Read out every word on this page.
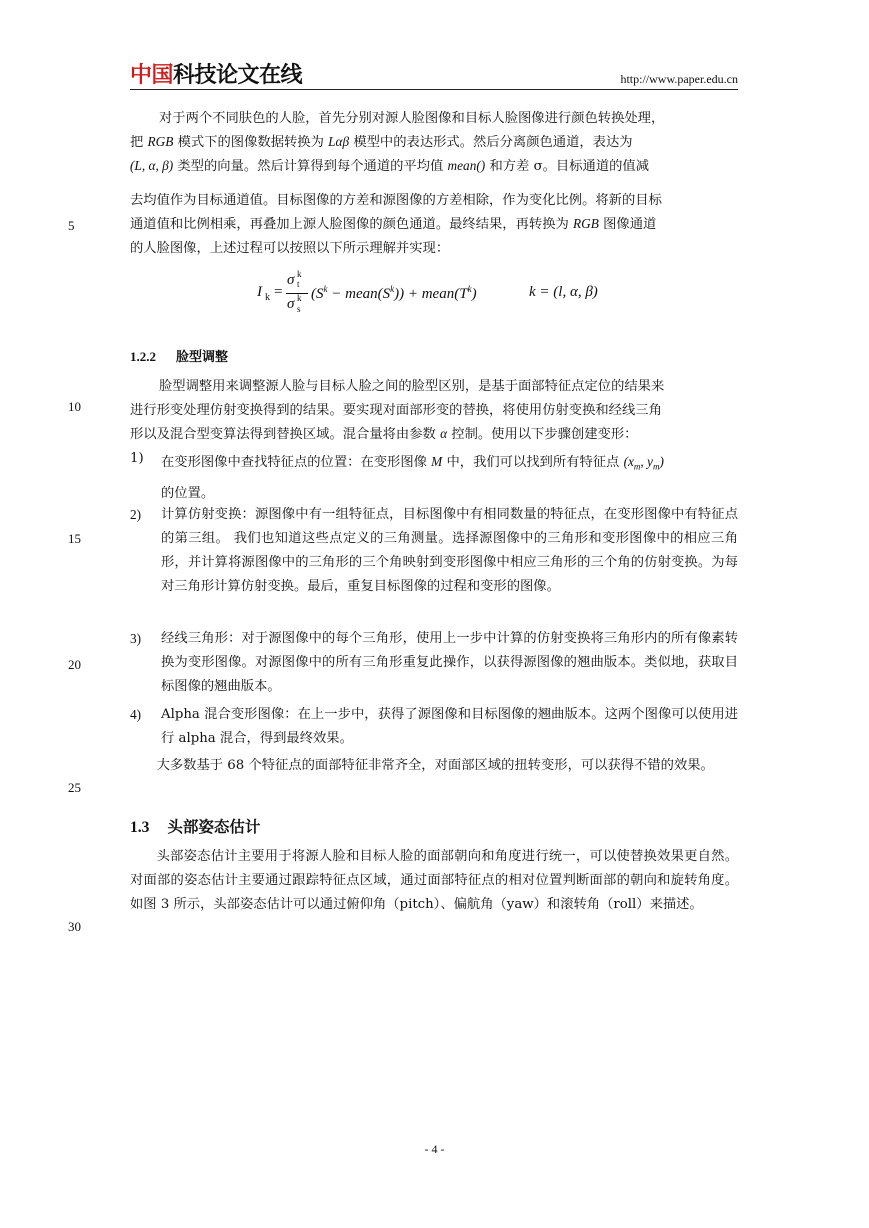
中国科技论文在线	http://www.paper.edu.cn
对于两个不同肤色的人脸，首先分别对源人脸图像和目标人脸图像进行颜色转换处理，
把 RGB 模式下的图像数据转换为 Lαβ 模型中的表达形式。然后分离颜色通道，表达为
(L, α, β) 类型的向量。然后计算得到每个通道的平均值 mean() 和方差 σ。目标通道的值减
去均值作为目标通道值。目标图像的方差和源图像的方差相除，作为变化比例。将新的目标
通道值和比例相乘，再叠加上源人脸图像的颜色通道。最终结果，再转换为 RGB 图像通道
的人脸图像，上述过程可以按照以下所示理解并实现：
I k =
σ k
t
σ k
s
($S^k$ − $mean(S^k)$) + $mean(T^k)$	k = (l, α, β)
1.2.2 脸型调整
脸型调整用来调整源人脸与目标人脸之间的脸型区别，是基于面部特征点定位的结果来
进行形变处理仿射变换得到的结果。要实现对面部形变的替换，将使用仿射变换和经线三角
形以及混合型变算法得到替换区域。混合量将由参数 α 控制。使用以下步骤创建变形：
1) 在变形图像中查找特征点的位置：在变形图像 M 中，我们可以找到所有特征点 ($x_m$, $y_m$)
的位置。
2) 计算仿射变换：源图像中有一组特征点，目标图像中有相同数量的特征点，在变形图像中有特征点的第三组。 我们也知道这些点定义的三角测量。选择源图像中的三角形和变形图像中的相应三角形，并计算将源图像中的三角形的三个角映射到变形图像中相应三角形的三个角的仿射变换。为每对三角形计算仿射变换。最后，重复目标图像的过程和变形的图像。
3) 经线三角形：对于源图像中的每个三角形，使用上一步中计算的仿射变换将三角形内的所有像素转换为变形图像。对源图像中的所有三角形重复此操作，以获得源图像的翘曲版本。类似地，获取目标图像的翘曲版本。
4) Alpha 混合变形图像：在上一步中，获得了源图像和目标图像的翘曲版本。这两个图像可以使用进行 alpha 混合，得到最终效果。
大多数基于 68 个特征点的面部特征非常齐全，对面部区域的扭转变形，可以获得不错的效果。
1.3 头部姿态估计
头部姿态估计主要用于将源人脸和目标人脸的面部朝向和角度进行统一，可以使替换效果更自然。对面部的姿态估计主要通过跟踪特征点区域，通过面部特征点的相对位置判断面部的朝向和旋转角度。如图 3 所示，头部姿态估计可以通过俯仰角（pitch）、偏航角（yaw）和滚转角（roll）来描述。
5
10
15
20
25
30
- 4 -
